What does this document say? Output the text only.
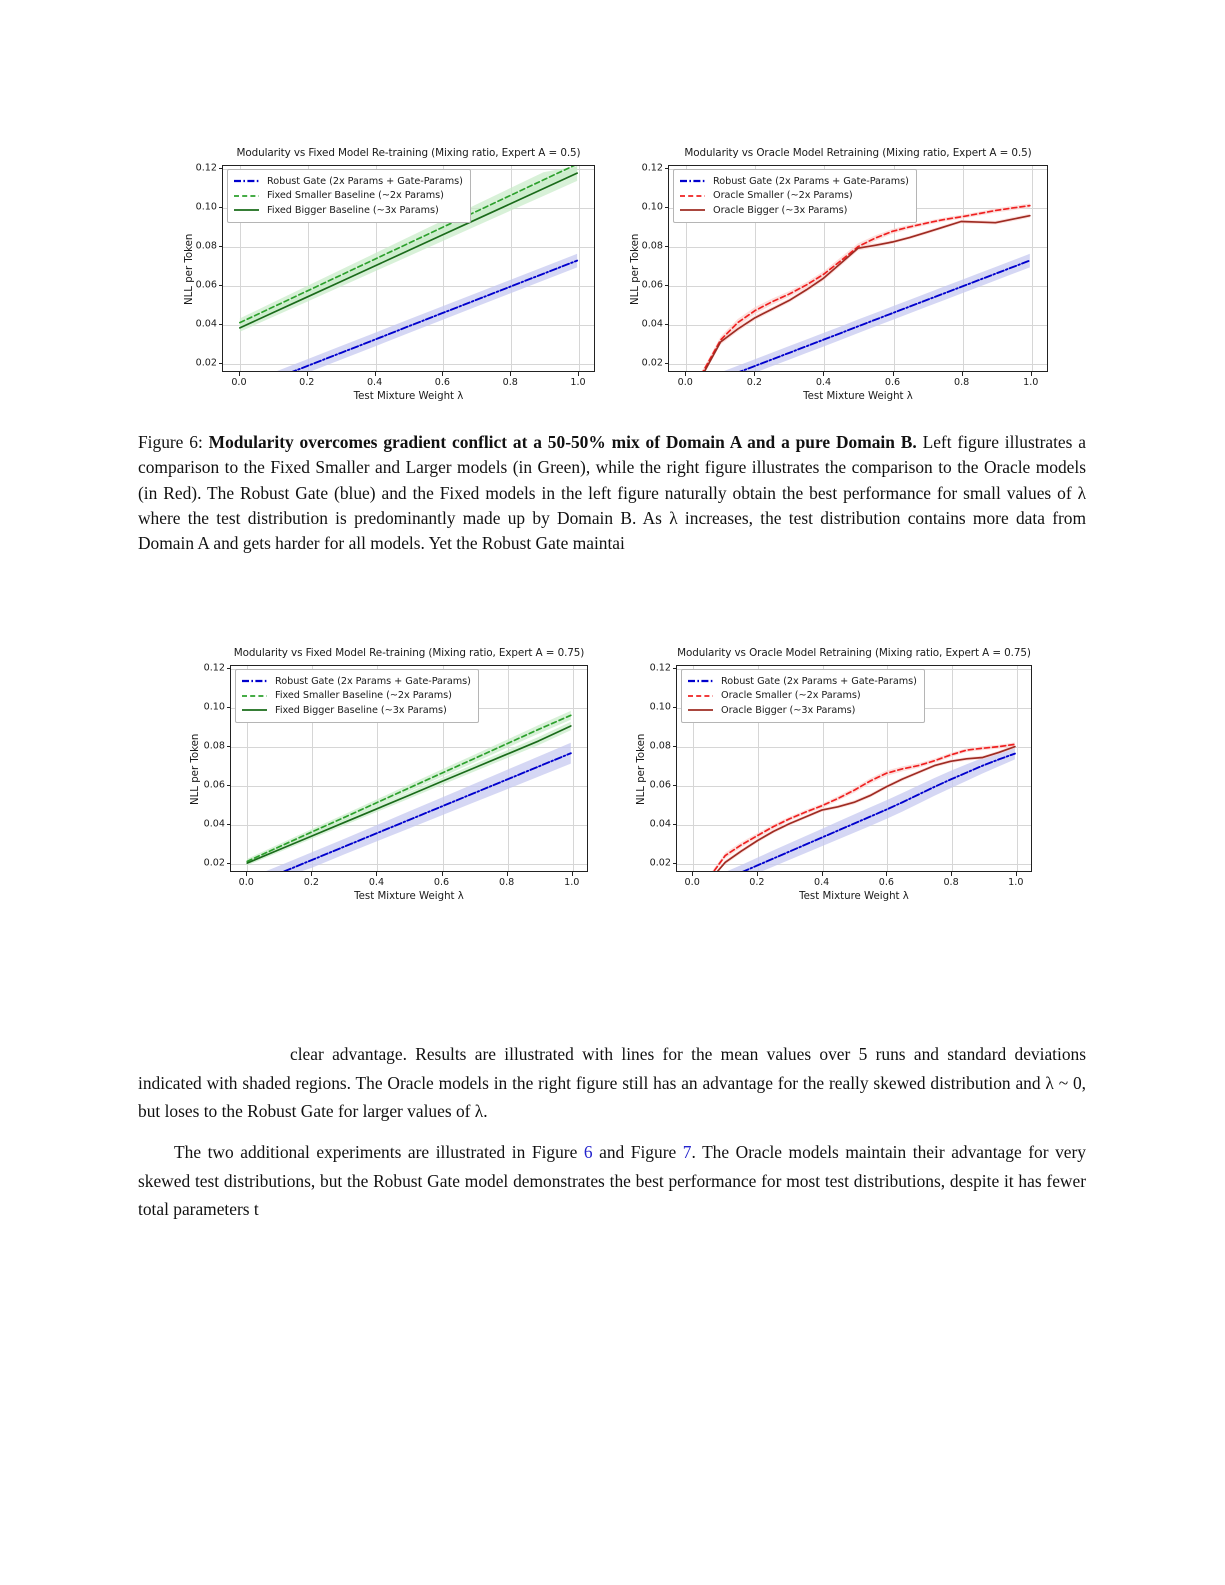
Modularity vs Fixed Model Re-training (Mixing ratio, Expert A = 0.5)
0.02
0.04
0.06
0.08
0.10
0.12
0.0	0.2	0.4	0.6	0.8	1.0
NLL per Token
Test Mixture Weight λ
Robust Gate (2x Params + Gate-Params)
Fixed Smaller Baseline (~2x Params)
Fixed Bigger Baseline (~3x Params)
Modularity vs Oracle Model Retraining (Mixing ratio, Expert A = 0.5)
0.02
0.04
0.06
0.08
0.10
0.12
0.0	0.2	0.4	0.6	0.8	1.0
NLL per Token
Test Mixture Weight λ
Robust Gate (2x Params + Gate-Params)
Oracle Smaller (~2x Params)
Oracle Bigger (~3x Params)
Modularity vs Fixed Model Re-training (Mixing ratio, Expert A = 0.75)
0.02
0.04
0.06
0.08
0.10
0.12
0.0	0.2	0.4	0.6	0.8	1.0
NLL per Token
Test Mixture Weight λ
Robust Gate (2x Params + Gate-Params)
Fixed Smaller Baseline (~2x Params)
Fixed Bigger Baseline (~3x Params)
Modularity vs Oracle Model Retraining (Mixing ratio, Expert A = 0.75)
0.02
0.04
0.06
0.08
0.10
0.12
0.0	0.2	0.4	0.6	0.8	1.0
NLL per Token
Test Mixture Weight λ
Robust Gate (2x Params + Gate-Params)
Oracle Smaller (~2x Params)
Oracle Bigger (~3x Params)
Figure 6: Modularity overcomes gradient conflict at a 50-50% mix of Domain A and a pure Domain B. Left figure illustrates a comparison to the Fixed Smaller and Larger models (in Green), while the right figure illustrates the comparison to the Oracle models (in Red). The Robust Gate (blue) and the Fixed models in the left figure naturally obtain the best performance for small values of λ where the test distribution is predominantly made up by Domain B. As λ increases, the test distribution contains more data from Domain A and gets harder for all models. Yet the Robust Gate maintai
clear advantage. Results are illustrated with lines for the mean values over 5 runs and standard deviations indicated with shaded regions. The Oracle models in the right figure still has an advantage for the really skewed distribution and λ ~ 0, but loses to the Robust Gate for larger values of λ.
The two additional experiments are illustrated in Figure 6 and Figure 7. The Oracle models maintain their advantage for very skewed test distributions, but the Robust Gate model demonstrates the best performance for most test distributions, despite it has fewer total parameters t
